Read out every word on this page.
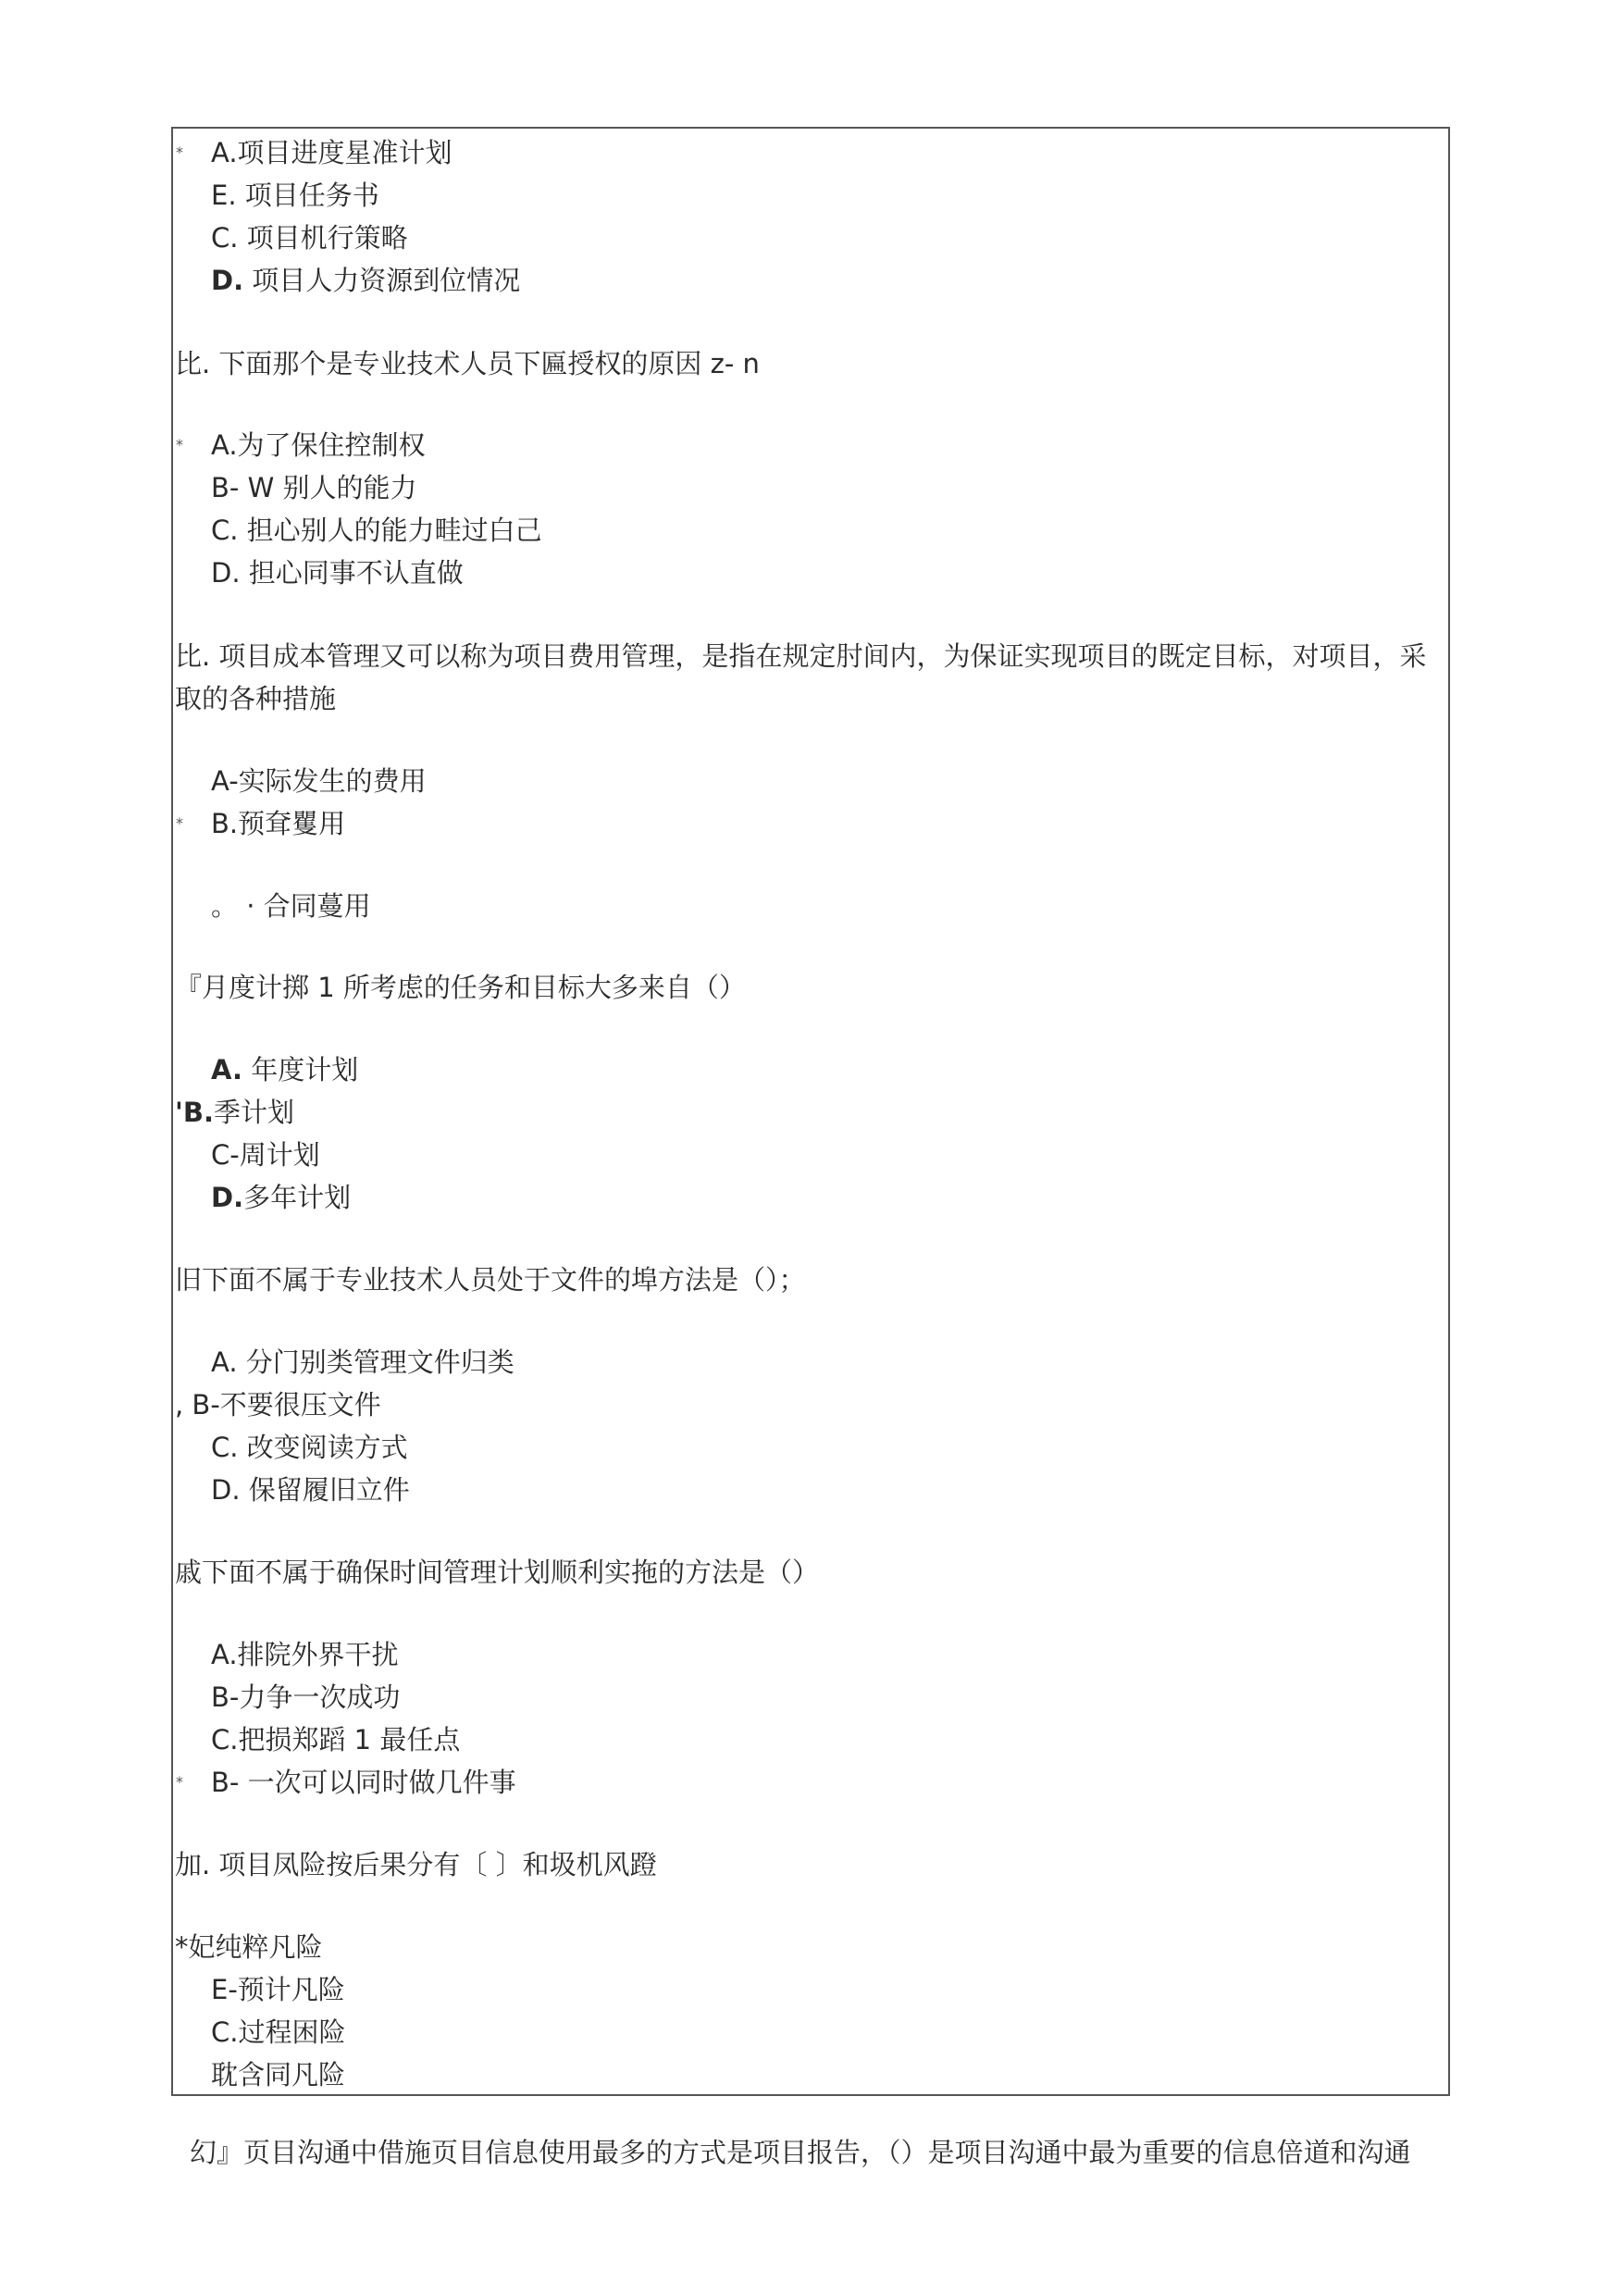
* A.项目进度星准计划
E. 项目任务书
C. 项目机行策略
D. 项目人力资源到位情况
比. 下面那个是专业技术人员下匾授权的原因 z- n
* A.为了保住控制权
B- W 别人的能力
C. 担心别人的能力畦过白己
D. 担心同事不认直做
比. 项目成本管理又可以称为项目费用管理，是指在规定肘间内，为保证实现项目的既定目标，对项目，采
取的各种措施
A-实际发生的费用
* B.预耷矍用
。 · 合同蔓用
『月度计掷 1 所考虑的任务和目标大多来自（）
A. 年度计划
'B.季计划
C-周计划
D.多年计划
旧下面不属于专业技术人员处于文件的埠方法是（）；
A. 分门别类管理文件归类
, B-不要很压文件
C. 改变阅读方式
D. 保留履旧立件
戚下面不属于确保时间管理计划顺利实拖的方法是（）
A.排院外界干扰
B-力争一次成功
C.把损郑蹈 1 最任点
* B- 一次可以同时做几件事
加. 项目凤险按后果分有〔 〕和圾机风蹬
*妃纯粹凡险
E-预计凡险
C.过程困险
耽含同凡险
幻』页目沟通中借施页目信息使用最多的方式是项目报告，（）是项目沟通中最为重要的信息倍道和沟通
